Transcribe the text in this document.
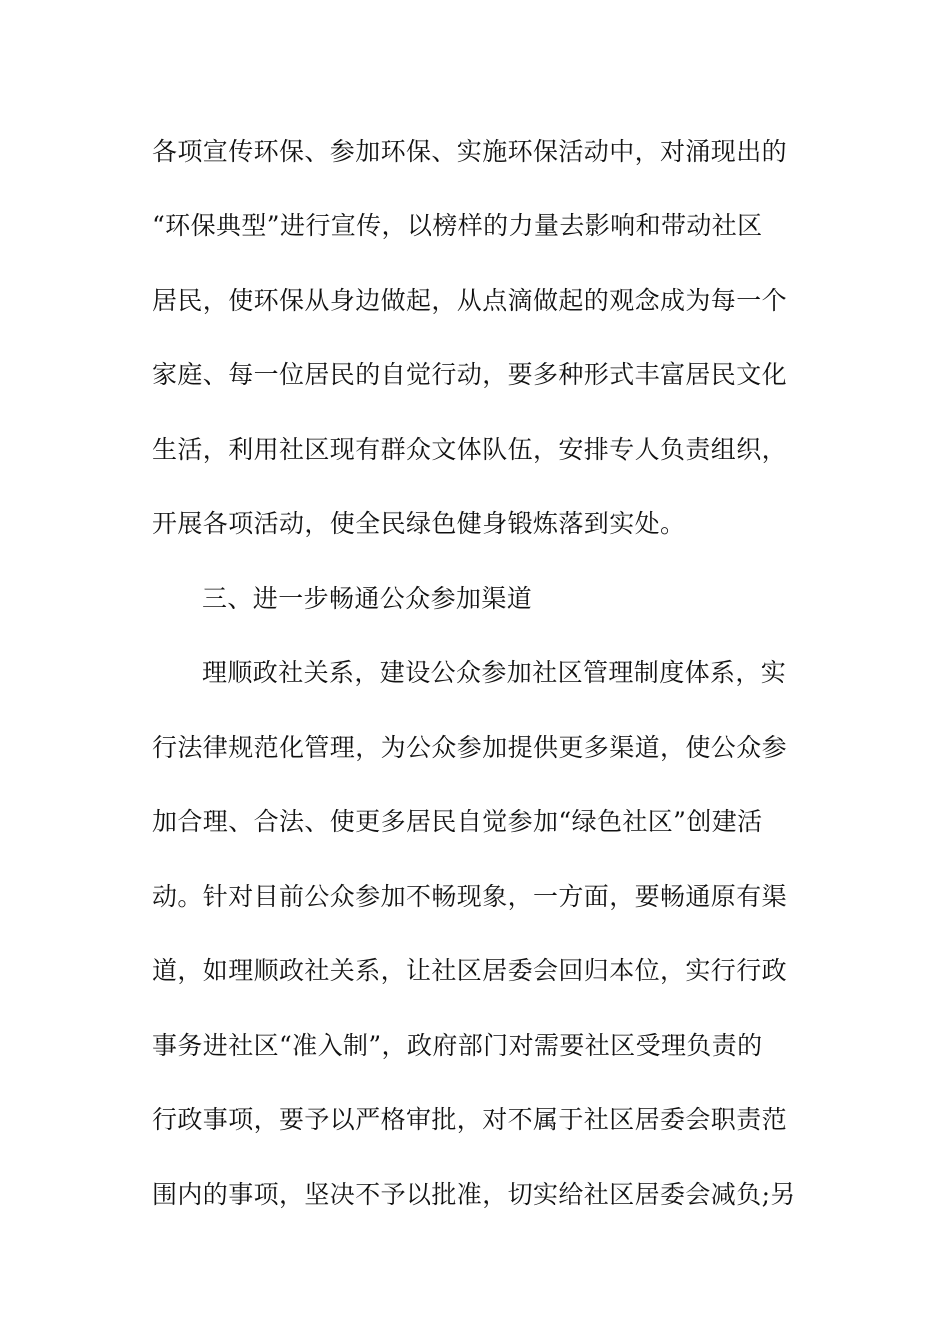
各项宣传环保、参加环保、实施环保活动中，对涌现出的
“环保典型”进行宣传，以榜样的力量去影响和带动社区
居民，使环保从身边做起，从点滴做起的观念成为每一个
家庭、每一位居民的自觉行动，要多种形式丰富居民文化
生活，利用社区现有群众文体队伍，安排专人负责组织，
开展各项活动，使全民绿色健身锻炼落到实处。
三、进一步畅通公众参加渠道
理顺政社关系，建设公众参加社区管理制度体系，实
行法律规范化管理，为公众参加提供更多渠道，使公众参
加合理、合法、使更多居民自觉参加“绿色社区”创建活
动。针对目前公众参加不畅现象，一方面，要畅通原有渠
道，如理顺政社关系，让社区居委会回归本位，实行行政
事务进社区“准入制”，政府部门对需要社区受理负责的
行政事项，要予以严格审批，对不属于社区居委会职责范
围内的事项，坚决不予以批准，切实给社区居委会减负;另
